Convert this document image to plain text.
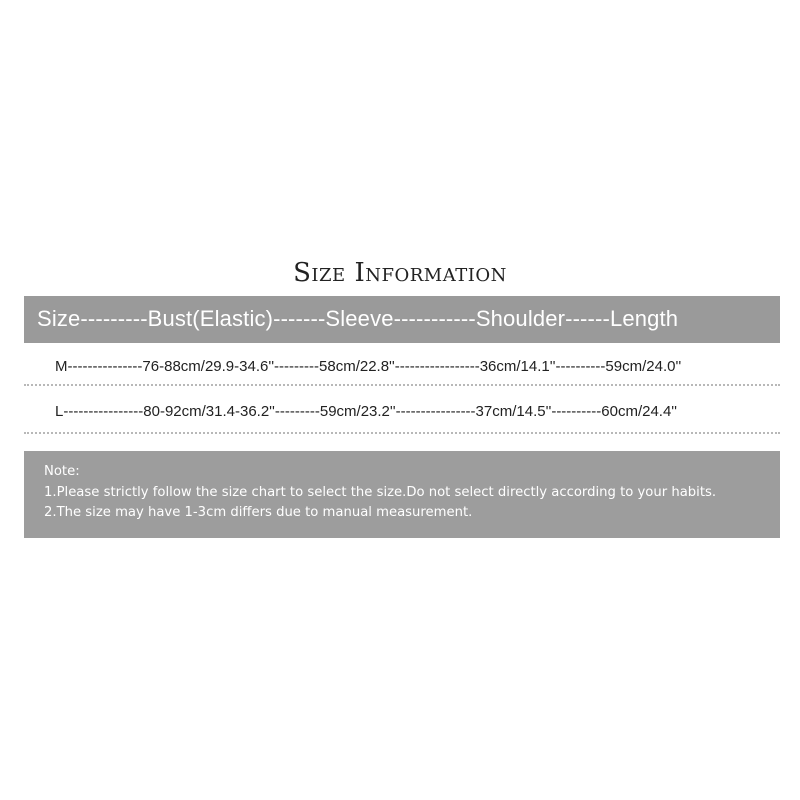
Size Information
Size---------Bust(Elastic)-------Sleeve-----------Shoulder------Length
M---------------76-88cm/29.9-34.6''---------58cm/22.8''-----------------36cm/14.1''----------59cm/24.0''
L----------------80-92cm/31.4-36.2''---------59cm/23.2''----------------37cm/14.5''----------60cm/24.4''
Note:
1.Please strictly follow the size chart to select the size.Do not select directly according to your habits.
2.The size may have 1-3cm differs due to manual measurement.
